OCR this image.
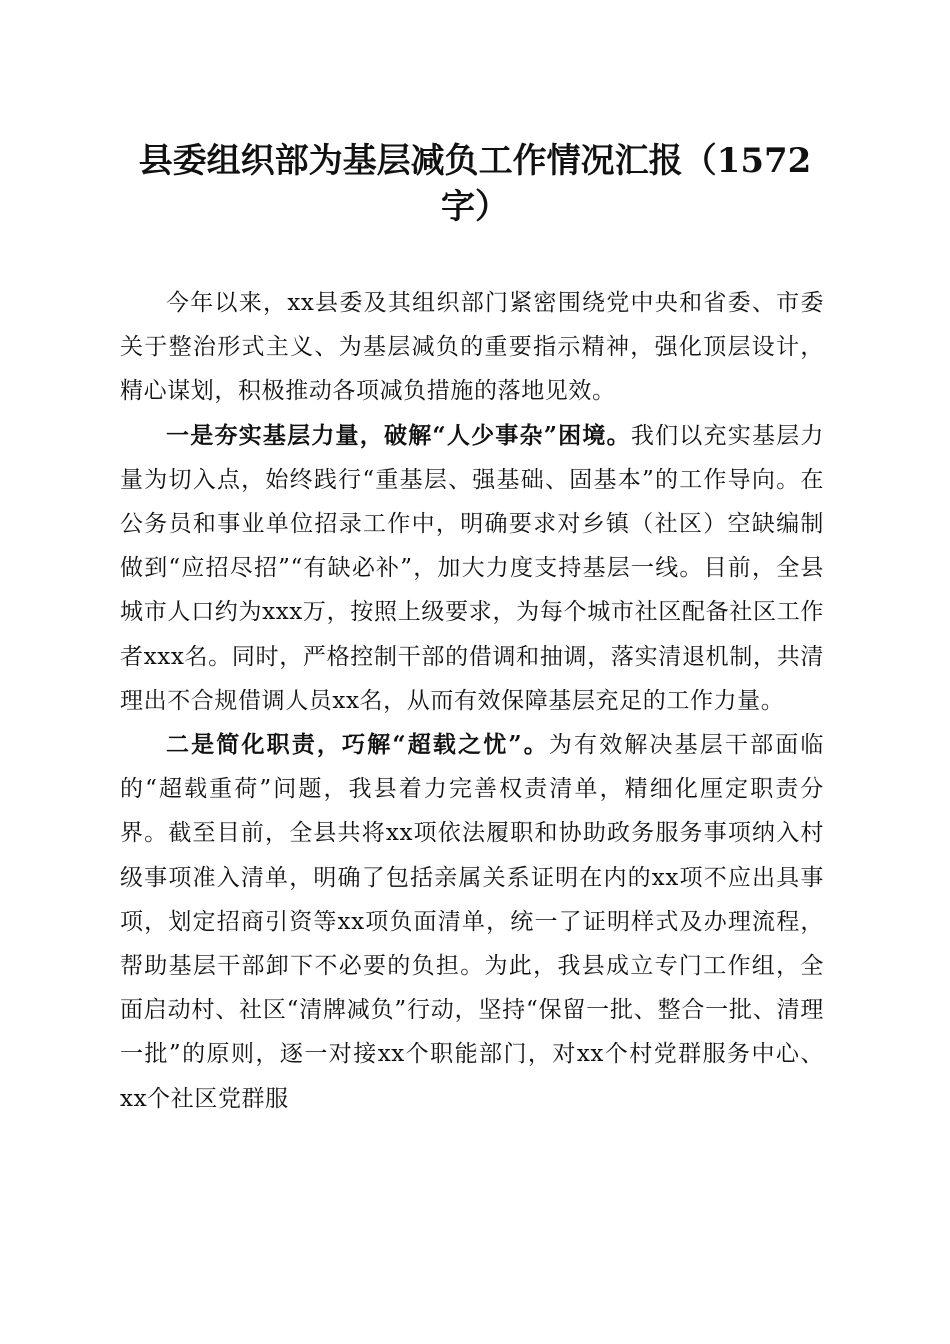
县委组织部为基层减负工作情况汇报（1572字）

今年以来，xx县委及其组织部门紧密围绕党中央和省委、市委关于整治形式主义、为基层减负的重要指示精神，强化顶层设计，精心谋划，积极推动各项减负措施的落地见效。

一是夯实基层力量，破解“人少事杂”困境。我们以充实基层力量为切入点，始终践行“重基层、强基础、固基本”的工作导向。在公务员和事业单位招录工作中，明确要求对乡镇（社区）空缺编制做到“应招尽招”“有缺必补”，加大力度支持基层一线。目前，全县城市人口约为xxx万，按照上级要求，为每个城市社区配备社区工作者xxx名。同时，严格控制干部的借调和抽调，落实清退机制，共清理出不合规借调人员xx名，从而有效保障基层充足的工作力量。

二是简化职责，巧解“超载之忧”。为有效解决基层干部面临的“超载重荷”问题，我县着力完善权责清单，精细化厘定职责分界。截至目前，全县共将xx项依法履职和协助政务服务事项纳入村级事项准入清单，明确了包括亲属关系证明在内的xx项不应出具事项，划定招商引资等xx项负面清单，统一了证明样式及办理流程，帮助基层干部卸下不必要的负担。为此，我县成立专门工作组，全面启动村、社区“清牌减负”行动，坚持“保留一批、整合一批、清理一批”的原则，逐一对接xx个职能部门，对xx个村党群服务中心、xx个社区党群服
